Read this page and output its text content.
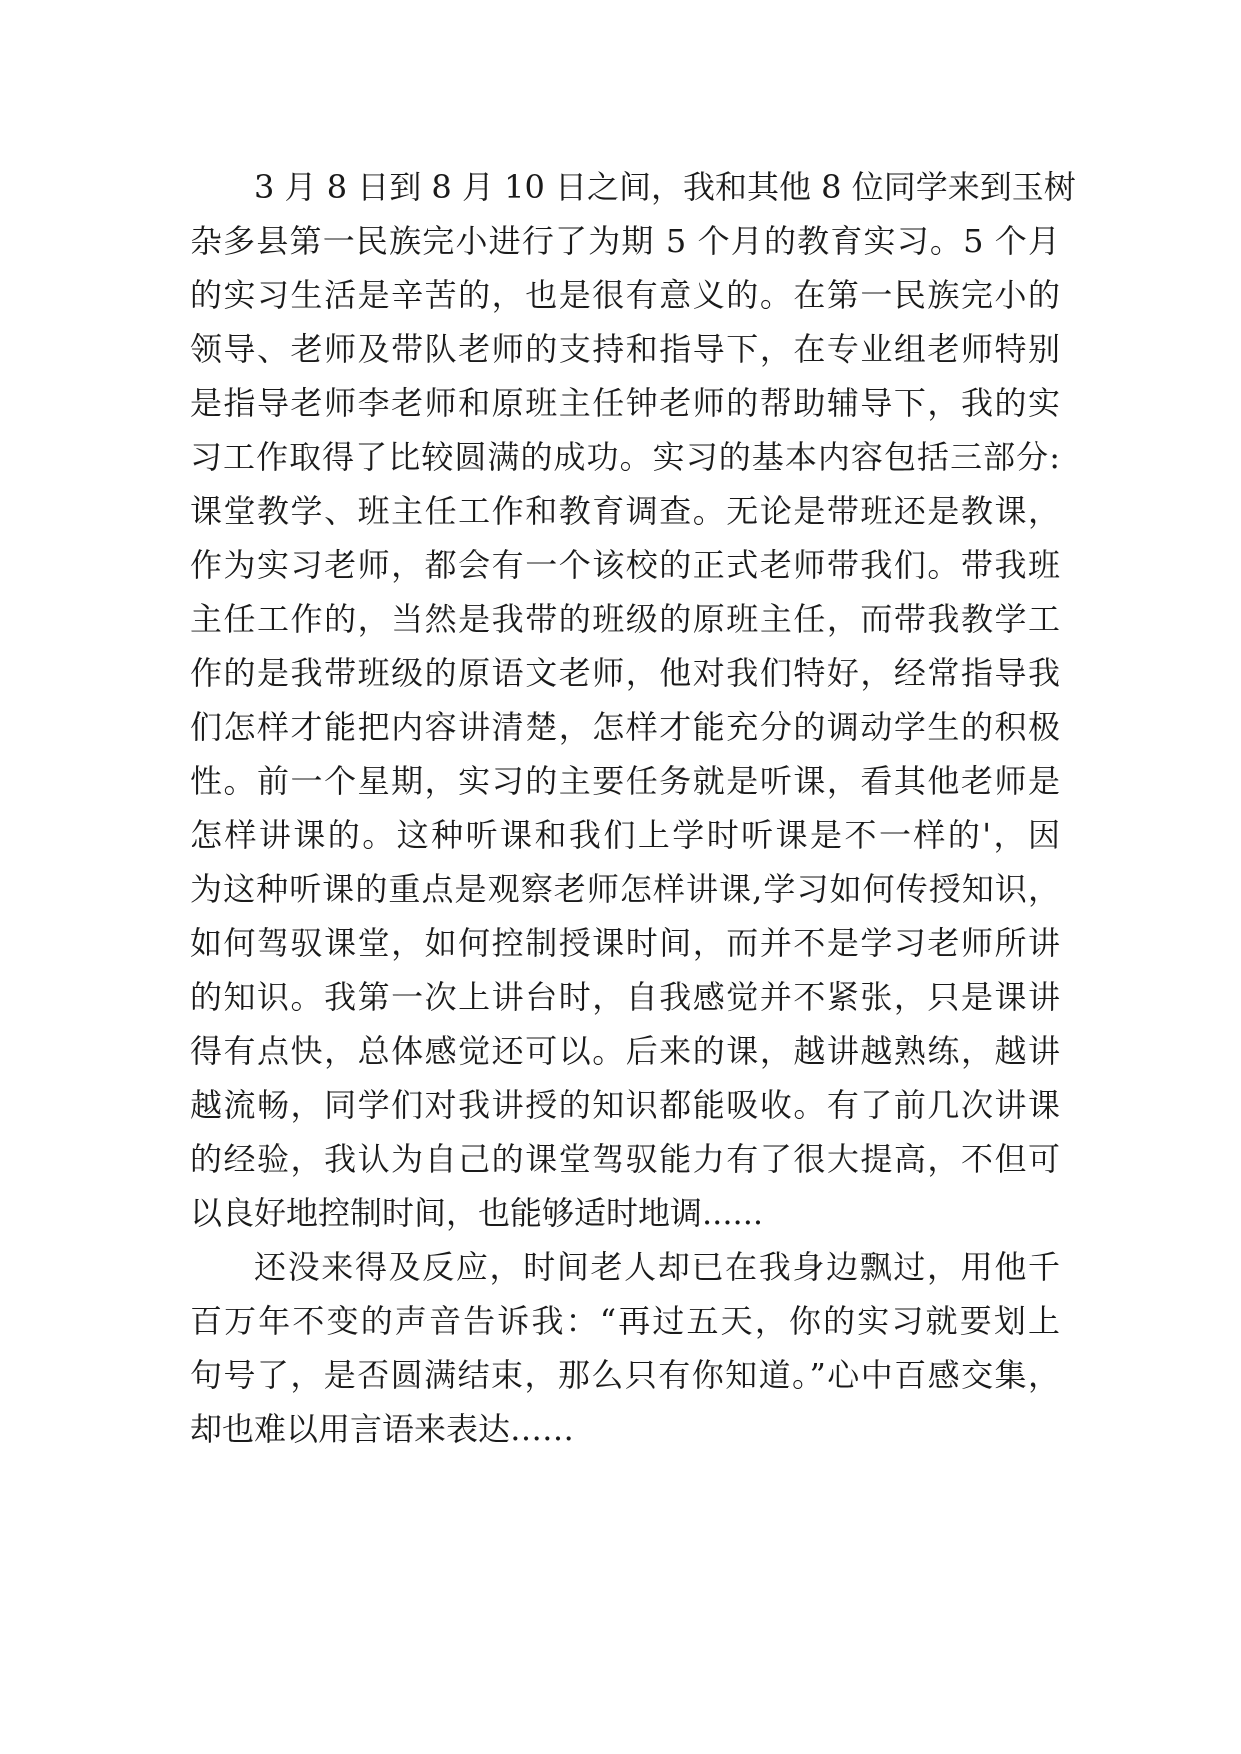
3 月 8 日到 8 月 10 日之间，我和其他 8 位同学来到玉树
杂多县第一民族完小进行了为期 5 个月的教育实习。5 个月
的实习生活是辛苦的，也是很有意义的。在第一民族完小的
领导、老师及带队老师的支持和指导下，在专业组老师特别
是指导老师李老师和原班主任钟老师的帮助辅导下，我的实
习工作取得了比较圆满的成功。实习的基本内容包括三部分:
课堂教学、班主任工作和教育调查。无论是带班还是教课，
作为实习老师，都会有一个该校的正式老师带我们。带我班
主任工作的，当然是我带的班级的原班主任，而带我教学工
作的是我带班级的原语文老师，他对我们特好，经常指导我
们怎样才能把内容讲清楚，怎样才能充分的调动学生的积极
性。前一个星期，实习的主要任务就是听课，看其他老师是
怎样讲课的。这种听课和我们上学时听课是不一样的'，因
为这种听课的重点是观察老师怎样讲课,学习如何传授知识，
如何驾驭课堂，如何控制授课时间，而并不是学习老师所讲
的知识。我第一次上讲台时，自我感觉并不紧张，只是课讲
得有点快，总体感觉还可以。后来的课，越讲越熟练，越讲
越流畅，同学们对我讲授的知识都能吸收。有了前几次讲课
的经验，我认为自己的课堂驾驭能力有了很大提高，不但可
以良好地控制时间，也能够适时地调......
还没来得及反应，时间老人却已在我身边飘过，用他千
百万年不变的声音告诉我：“再过五天，你的实习就要划上
句号了，是否圆满结束，那么只有你知道。”心中百感交集，
却也难以用言语来表达……
